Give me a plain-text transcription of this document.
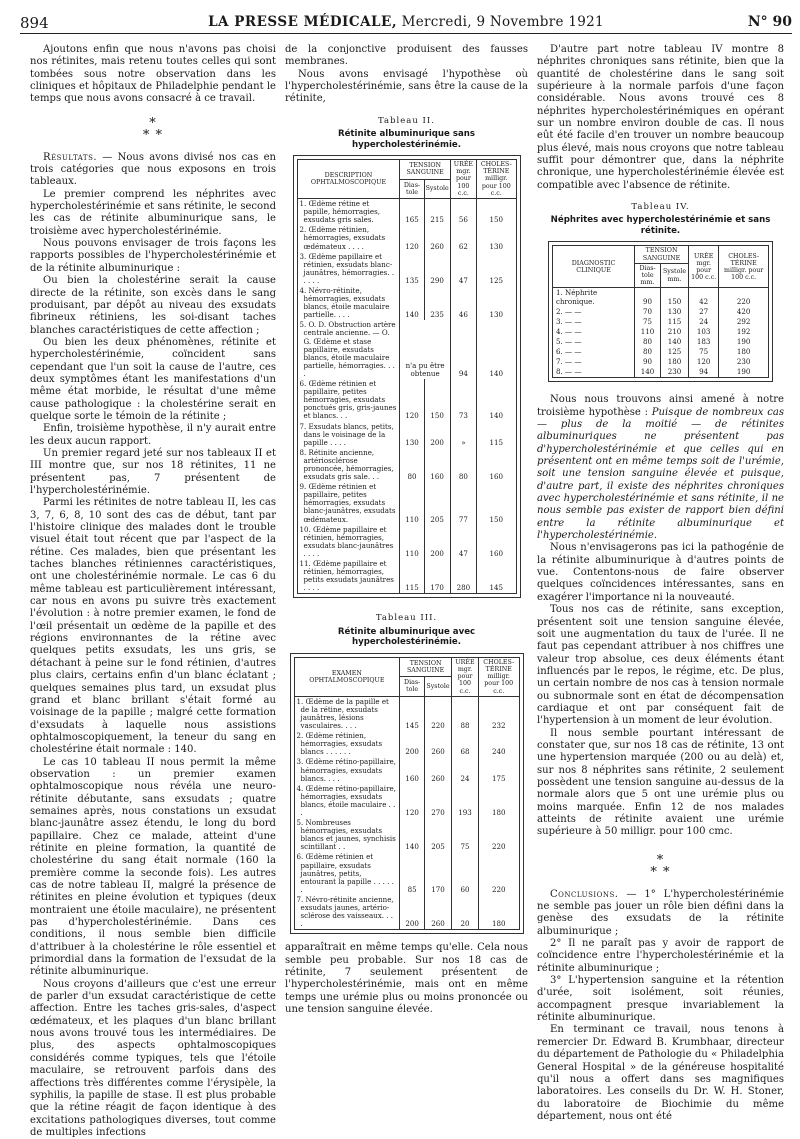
894	LA PRESSE MÉDICALE, Mercredi, 9 Novembre 1921	N° 90

Ajoutons enfin que nous n'avons pas choisi nos rétinites, mais retenu toutes celles qui sont tombées sous notre observation dans les cliniques et hôpitaux de Philadelphie pendant le temps que nous avons consacré à ce travail.

*
* *

Résultats. — Nous avons divisé nos cas en trois catégories que nous exposons en trois tableaux.

Le premier comprend les néphrites avec hypercholestérinémie et sans rétinite, le second les cas de rétinite albuminurique sans, le troisième avec hypercholestérinémie.

Nous pouvons envisager de trois façons les rapports possibles de l'hypercholestérinémie et de la rétinite albuminurique :

Ou bien la cholestérine serait la cause directe de la rétinite, son excès dans le sang produisant, par dépôt au niveau des exsudats fibrineux rétiniens, les soi-disant taches blanches caractéristiques de cette affection ;

Ou bien les deux phénomènes, rétinite et hypercholestérinémie, coïncident sans cependant que l'un soit la cause de l'autre, ces deux symptômes étant les manifestations d'un même état morbide, le résultat d'une même cause pathologique : la cholestérine serait en quelque sorte le témoin de la rétinite ;

Enfin, troisième hypothèse, il n'y aurait entre les deux aucun rapport.

Un premier regard jeté sur nos tableaux II et III montre que, sur nos 18 rétinites, 11 ne présentent pas, 7 présentent de l'hypercholestérinémie.

Parmi les rétinites de notre tableau II, les cas 3, 7, 6, 8, 10 sont des cas de début, tant par l'histoire clinique des malades dont le trouble visuel était tout récent que par l'aspect de la rétine. Ces malades, bien que présentant les taches blanches rétiniennes caractéristiques, ont une cholestérinémie normale. Le cas 6 du même tableau est particulièrement intéressant, car nous en avons pu suivre très exactement l'évolution : à notre premier examen, le fond de l'œil présentait un œdème de la papille et des régions environnantes de la rétine avec quelques petits exsudats, les uns gris, se détachant à peine sur le fond rétinien, d'autres plus clairs, certains enfin d'un blanc éclatant ; quelques semaines plus tard, un exsudat plus grand et blanc brillant s'était formé au voisinage de la papille ; malgré cette formation d'exsudats à laquelle nous assistions ophtalmoscopiquement, la teneur du sang en cholestérine était normale : 140.

Le cas 10 tableau II nous permit la même observation : un premier examen ophtalmoscopique nous révéla une neuro-rétinite débutante, sans exsudats ; quatre semaines après, nous constations un exsudat blanc-jaunâtre assez étendu, le long du bord papillaire. Chez ce malade, atteint d'une rétinite en pleine formation, la quantité de cholestérine du sang était normale (160 la première comme la seconde fois). Les autres cas de notre tableau II, malgré la présence de rétinites en pleine évolution et typiques (deux montraient une étoile maculaire), ne présentent pas d'hypercholestérinémie. Dans ces conditions, il nous semble bien difficile d'attribuer à la cholestérine le rôle essentiel et primordial dans la formation de l'exsudat de la rétinite albuminurique.

Nous croyons d'ailleurs que c'est une erreur de parler d'un exsudat caractéristique de cette affection. Entre les taches gris-sales, d'aspect œdémateux, et les plaques d'un blanc brillant nous avons trouvé tous les intermédiaires. De plus, des aspects ophtalmoscopiques considérés comme typiques, tels que l'étoile maculaire, se retrouvent parfois dans des affections très différentes comme l'érysipèle, la syphilis, la papille de stase. Il est plus probable que la rétine réagit de façon identique à des excitations pathologiques diverses, tout comme de multiples infections

de la conjonctive produisent des fausses membranes.

Nous avons envisagé l'hypothèse où l'hypercholestérinémie, sans être la cause de la rétinite,

Tableau II.
Rétinite albuminurique sans hypercholestérinémie.
DESCRIPTION OPHTALMOSCOPIQUE	TENSION SANGUINE		URÉE mgr. pour 100 c.c.	CHOLES-TÉRINE milligr. pour 100 c.c.
	Dias-tole	Systole		
1. Œdème rétine et papille, hémorragies, exsudats gris sales.	165	215	56	150
2. Œdème rétinien, hémorragies, exsudats œdémateux . . . .	120	260	62	130
3. Œdème papillaire et rétinien, exsudats blanc-jaunâtres, hémorragies. . . . . .	135	290	47	125
4. Névro-rétinite, hémorragies, exsudats blancs, étoile maculaire partielle. . . .	140	235	46	130
5. O. D. Obstruction artère centrale ancienne. — O. G. Œdème et stase papillaire, exsudats blancs, étoile maculaire partielle, hémorragies. . . .	n'a pu être obtenue		94	140
6. Œdème rétinien et papillaire, petites hémorragies, exsudats ponctués gris, gris-jaunes et blancs. . .	120	150	73	140
7. Exsudats blancs, petits, dans le voisinage de la papille . . . .	130	200	»	115
8. Rétinite ancienne, artériosclérose prononcée, hémorragies, exsudats gris sale. . .	80	160	80	160
9. Œdème rétinien et papillaire, petites hémorragies, exsudats blanc-jaunâtres, exsudats œdémateux.	110	205	77	150
10. Œdème papillaire et rétinien, hémorragies, exsudats blanc-jaunâtres . . . .	110	200	47	160
11. Œdème papillaire et rétinien, hémorragies, petits exsudats jaunâtres . . . .	115	170	280	145
Tableau III.
Rétinite albuminurique avec hypercholestérinémie.
EXAMEN OPHTALMOSCOPIQUE	TENSION SANGUINE		URÉE mgr. pour 100 c.c.	CHOLES-TÉRINE milligr. pour 100 c.c.
	Dias-tole	Systole		
1. Œdème de la papille et de la rétine, exsudats jaunâtres, lésions vasculaires. . . .	145	220	88	232
2. Œdème rétinien, hémorragies, exsudats blancs . . . . . .	200	260	68	240
3. Œdème rétino-papillaire, hémorragies, exsudats blancs. . . .	160	260	24	175
4. Œdème rétino-papillaire, hémorragies, exsudats blancs, étoile maculaire . . .	120	270	193	180
5. Nombreuses hémorragies, exsudats blancs et jaunes, synchisis scintillant . .	140	205	75	220
6. Œdème rétinien et papillaire, exsudats jaunâtres, petits, entourant la papille . . . . . .	85	170	60	220
7. Névro-rétinite ancienne, exsudats jaunes, artério-sclérose des vaisseaux. . . .	200	260	20	180

apparaîtrait en même temps qu'elle. Cela nous semble peu probable. Sur nos 18 cas de rétinite, 7 seulement présentent de l'hypercholestérinémie, mais ont en même temps une urémie plus ou moins prononcée ou une tension sanguine élevée.

D'autre part notre tableau IV montre 8 néphrites chroniques sans rétinite, bien que la quantité de cholestérine dans le sang soit supérieure à la normale parfois d'une façon considérable. Nous avons trouvé ces 8 néphrites hypercholestérinémiques en opérant sur un nombre environ double de cas. Il nous eût été facile d'en trouver un nombre beaucoup plus élevé, mais nous croyons que notre tableau suffit pour démontrer que, dans la néphrite chronique, une hypercholestérinémie élevée est compatible avec l'absence de rétinite.

Tableau IV.
Néphrites avec hypercholestérinémie et sans rétinite.
DIAGNOSTIC CLINIQUE	TENSION SANGUINE		URÉE mgr. pour 100 c.c.	CHOLES-TÉRINE milligr. pour 100 c.c.
	Dias-tole mm.	Systole mm.		
1. Néphrite chronique.	90	150	42	220
2. — —	70	130	27	420
3. — —	75	115	24	292
4. — —	110	210	103	192
5. — —	80	140	183	190
6. — —	80	125	75	180
7. — —	90	180	120	230
8. — —	140	230	94	190

Nous nous trouvons ainsi amené à notre troisième hypothèse : Puisque de nombreux cas — plus de la moitié — de rétinites albuminuriques ne présentent pas d'hypercholestérinémie et que celles qui en présentent ont en même temps soit de l'urémie, soit une tension sanguine élevée et puisque, d'autre part, il existe des néphrites chroniques avec hypercholestérinémie et sans rétinite, il ne nous semble pas exister de rapport bien défini entre la rétinite albuminurique et l'hypercholestérinémie.

Nous n'envisagerons pas ici la pathogénie de la rétinite albuminurique à d'autres points de vue. Contentons-nous de faire observer quelques coïncidences intéressantes, sans en exagérer l'importance ni la nouveauté.

Tous nos cas de rétinite, sans exception, présentent soit une tension sanguine élevée, soit une augmentation du taux de l'urée. Il ne faut pas cependant attribuer à nos chiffres une valeur trop absolue, ces deux éléments étant influencés par le repos, le régime, etc. De plus, un certain nombre de nos cas à tension normale ou subnormale sont en état de décompensation cardiaque et ont par conséquent fait de l'hypertension à un moment de leur évolution.

Il nous semble pourtant intéressant de constater que, sur nos 18 cas de rétinite, 13 ont une hypertension marquée (200 ou au delà) et, sur nos 8 néphrites sans rétinite, 2 seulement possèdent une tension sanguine au-dessus de la normale alors que 5 ont une urémie plus ou moins marquée. Enfin 12 de nos malades atteints de rétinite avaient une urémie supérieure à 50 milligr. pour 100 cmc.

*
* *

Conclusions. — 1° L'hypercholestérinémie ne semble pas jouer un rôle bien défini dans la genèse des exsudats de la rétinite albuminurique ;

2° Il ne paraît pas y avoir de rapport de coïncidence entre l'hypercholestérinémie et la rétinite albuminurique ;

3° L'hypertension sanguine et la rétention d'urée, soit isolément, soit réunies, accompagnent presque invariablement la rétinite albuminurique.

En terminant ce travail, nous tenons à remercier Dr. Edward B. Krumbhaar, directeur du département de Pathologie du « Philadelphia General Hospital » de la généreuse hospitalité qu'il nous a offert dans ses magnifiques laboratoires. Les conseils du Dr. W. H. Stoner, du laboratoire de Biochimie du même département, nous ont été
